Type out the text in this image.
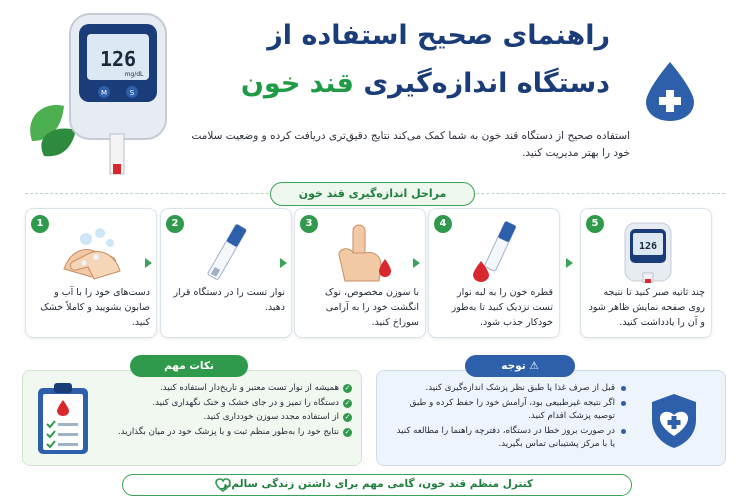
126
mg/dL
M	S
راهنمای صحیح استفاده از
دستگاه اندازه‌گیری قند خون
استفاده صحیح از دستگاه قند خون به شما کمک می‌کند نتایج دقیق‌تری دریافت کرده و وضعیت سلامت خود را بهتر مدیریت کنید.
مراحل اندازه‌گیری قند خون
1
دست‌های خود را با آب و صابون بشویید و کاملاً خشک کنید.
2
نوار تست را در دستگاه قرار دهید.
3
با سوزن مخصوص، نوک انگشت خود را به آرامی سوراخ کنید.
4
قطره خون را به لبه نوار تست نزدیک کنید تا به‌طور خودکار جذب شود.
5
126
چند ثانیه صبر کنید تا نتیجه روی صفحه نمایش ظاهر شود و آن را یادداشت کنید.
نکات مهم
✓
همیشه از نوار تست معتبر و تاریخ‌دار استفاده کنید.
✓
دستگاه را تمیز و در جای خشک و خنک نگهداری کنید.
✓
از استفاده مجدد سوزن خودداری کنید.
✓
نتایج خود را به‌طور منظم ثبت و با پزشک خود در میان بگذارید.
⚠ توجه
قبل از صرف غذا یا طبق نظر پزشک اندازه‌گیری کنید.
اگر نتیجه غیرطبیعی بود، آرامش خود را حفظ کرده و طبق توصیه پزشک اقدام کنید.
در صورت بروز خطا در دستگاه، دفترچه راهنما را مطالعه کنید یا با مرکز پشتیبانی تماس بگیرید.
کنترل منظم قند خون، گامی مهم برای داشتن زندگی سالم‌تر
